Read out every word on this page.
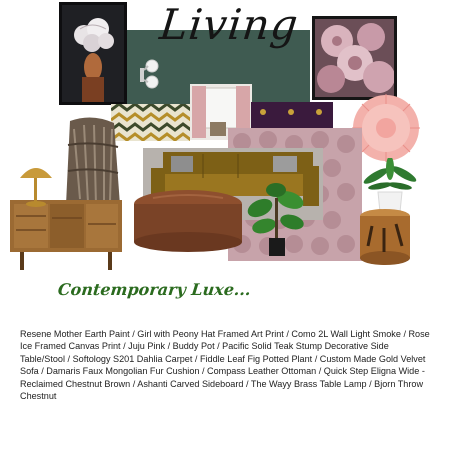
Living
Contemporary Luxe...
Resene Mother Earth Paint / Girl with Peony Hat Framed Art Print / Como 2L Wall Light Smoke / Rose Ice Framed Canvas Print / Juju Pink / Buddy Pot / Pacific Solid Teak Stump Decorative Side Table/Stool / Softology S201 Dahlia Carpet / Fiddle Leaf Fig Potted Plant / Custom Made Gold Velvet Sofa / Damaris Faux Mongolian Fur Cushion / Compass Leather Ottoman / Quick Step Eligna Wide - Reclaimed Chestnut Brown / Ashanti Carved Sideboard / The Wayy Brass Table Lamp / Bjorn Throw Chestnut
